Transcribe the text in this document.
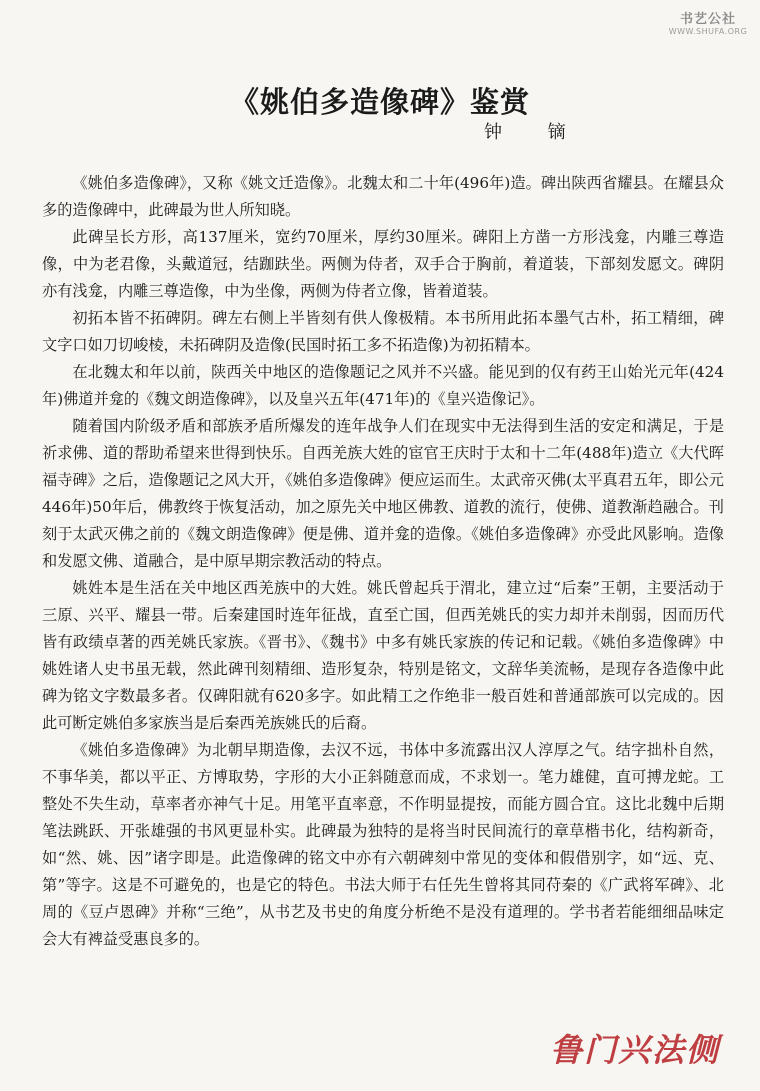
书艺公社
WWW.SHUFA.ORG
《姚伯多造像碑》鉴赏
钟 镝

《姚伯多造像碑》，又称《姚文迁造像》。北魏太和二十年(496年)造。碑出陕西省耀县。在耀县众多的造像碑中，此碑最为世人所知晓。

此碑呈长方形，高137厘米，宽约70厘米，厚约30厘米。碑阳上方凿一方形浅龛，内雕三尊造像，中为老君像，头戴道冠，结跏趺坐。两侧为侍者，双手合于胸前，着道装，下部刻发愿文。碑阴亦有浅龛，内雕三尊造像，中为坐像，两侧为侍者立像，皆着道装。

初拓本皆不拓碑阴。碑左右侧上半皆刻有供人像极精。本书所用此拓本墨气古朴，拓工精细，碑文字口如刀切峻棱，未拓碑阴及造像(民国时拓工多不拓造像)为初拓精本。

在北魏太和年以前，陕西关中地区的造像题记之风并不兴盛。能见到的仅有药王山始光元年(424年)佛道并龛的《魏文朗造像碑》，以及皇兴五年(471年)的《皇兴造像记》。

随着国内阶级矛盾和部族矛盾所爆发的连年战争人们在现实中无法得到生活的安定和满足，于是祈求佛、道的帮助希望来世得到快乐。自西羌族大姓的宦官王庆时于太和十二年(488年)造立《大代晖福寺碑》之后，造像题记之风大开，《姚伯多造像碑》便应运而生。太武帝灭佛(太平真君五年，即公元446年)50年后，佛教终于恢复活动，加之原先关中地区佛教、道教的流行，使佛、道教渐趋融合。刊刻于太武灭佛之前的《魏文朗造像碑》便是佛、道并龛的造像。《姚伯多造像碑》亦受此风影响。造像和发愿文佛、道融合，是中原早期宗教活动的特点。

姚姓本是生活在关中地区西羌族中的大姓。姚氏曾起兵于渭北，建立过“后秦”王朝，主要活动于三原、兴平、耀县一带。后秦建国时连年征战，直至亡国，但西羌姚氏的实力却并未削弱，因而历代皆有政绩卓著的西羌姚氏家族。《晋书》、《魏书》中多有姚氏家族的传记和记载。《姚伯多造像碑》中姚姓诸人史书虽无载，然此碑刊刻精细、造形复杂，特别是铭文，文辞华美流畅，是现存各造像中此碑为铭文字数最多者。仅碑阳就有620多字。如此精工之作绝非一般百姓和普通部族可以完成的。因此可断定姚伯多家族当是后秦西羌族姚氏的后裔。

《姚伯多造像碑》为北朝早期造像，去汉不远，书体中多流露出汉人淳厚之气。结字拙朴自然，不事华美，都以平正、方博取势，字形的大小正斜随意而成，不求划一。笔力雄健，直可搏龙蛇。工整处不失生动，草率者亦神气十足。用笔平直率意，不作明显提按，而能方圆合宜。这比北魏中后期笔法跳跃、开张雄强的书风更显朴实。此碑最为独特的是将当时民间流行的章草楷书化，结构新奇，如“然、姚、因”诸字即是。此造像碑的铭文中亦有六朝碑刻中常见的变体和假借别字，如“远、克、第”等字。这是不可避免的，也是它的特色。书法大师于右任先生曾将其同苻秦的《广武将军碑》、北周的《豆卢恩碑》并称“三绝”，从书艺及书史的角度分析绝不是没有道理的。学书者若能细细品味定会大有裨益受惠良多的。

鲁门兴法侧
